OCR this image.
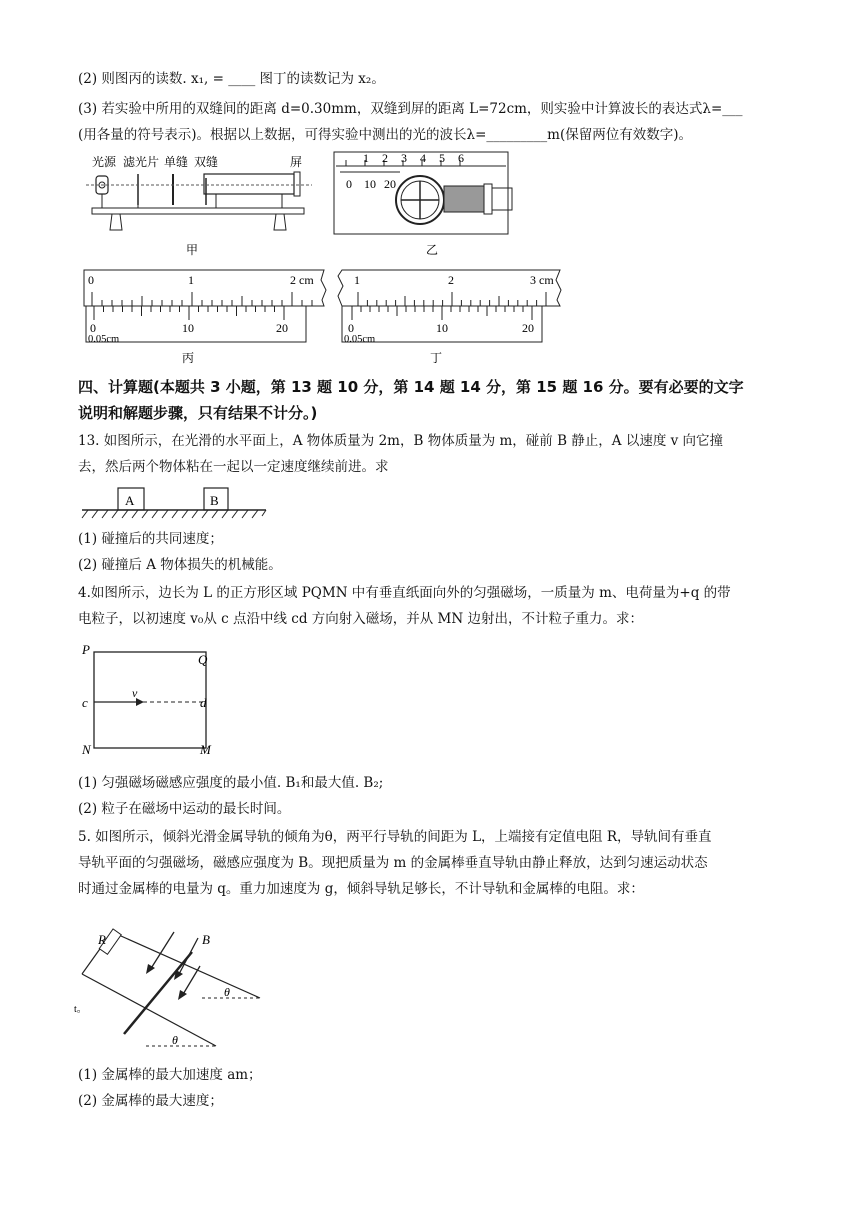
(2) 则图丙的读数. x₁, = ____ 图丁的读数记为 x₂。
(3) 若实验中所用的双缝间的距离 d=0.30mm，双缝到屏的距离 L=72cm，则实验中计算波长的表达式λ=___
(用各量的符号表示)。根据以上数据，可得实验中测出的光的波长λ=_________m(保留两位有效数字)。
光源 滤光片 单缝 双缝	屏
甲
1 2 3 4 5 6
0 10 20
乙
0	1	2 cm
0	10	20
0.05cm
丙
1	2	3 cm
0	10	20
0.05cm
丁
四、计算题(本题共 3 小题，第 13 题 10 分，第 14 题 14 分，第 15 题 16 分。要有必要的文字
说明和解题步骤，只有结果不计分。)
13. 如图所示，在光滑的水平面上，A 物体质量为 2m，B 物体质量为 m，碰前 B 静止，A 以速度 v 向它撞
去，然后两个物体粘在一起以一定速度继续前进。求
A	B
(1) 碰撞后的共同速度；
(2) 碰撞后 A 物体损失的机械能。
4.如图所示，边长为 L 的正方形区域 PQMN 中有垂直纸面向外的匀强磁场，一质量为 m、电荷量为+q 的带
电粒子，以初速度 v₀从 c 点沿中线 cd 方向射入磁场，并从 MN 边射出，不计粒子重力。求：
P
Q
N	M
c	d
v
(1) 匀强磁场磁感应强度的最小值. B₁和最大值. B₂;
(2) 粒子在磁场中运动的最长时间。
5. 如图所示，倾斜光滑金属导轨的倾角为θ，两平行导轨的间距为 L，上端接有定值电阻 R，导轨间有垂直
导轨平面的匀强磁场，磁感应强度为 B。现把质量为 m 的金属棒垂直导轨由静止释放，达到匀速运动状态
时通过金属棒的电量为 q。重力加速度为 g，倾斜导轨足够长，不计导轨和金属棒的电阻。求：
R	B
θ
θ
t。
(1) 金属棒的最大加速度 am；
(2) 金属棒的最大速度；
